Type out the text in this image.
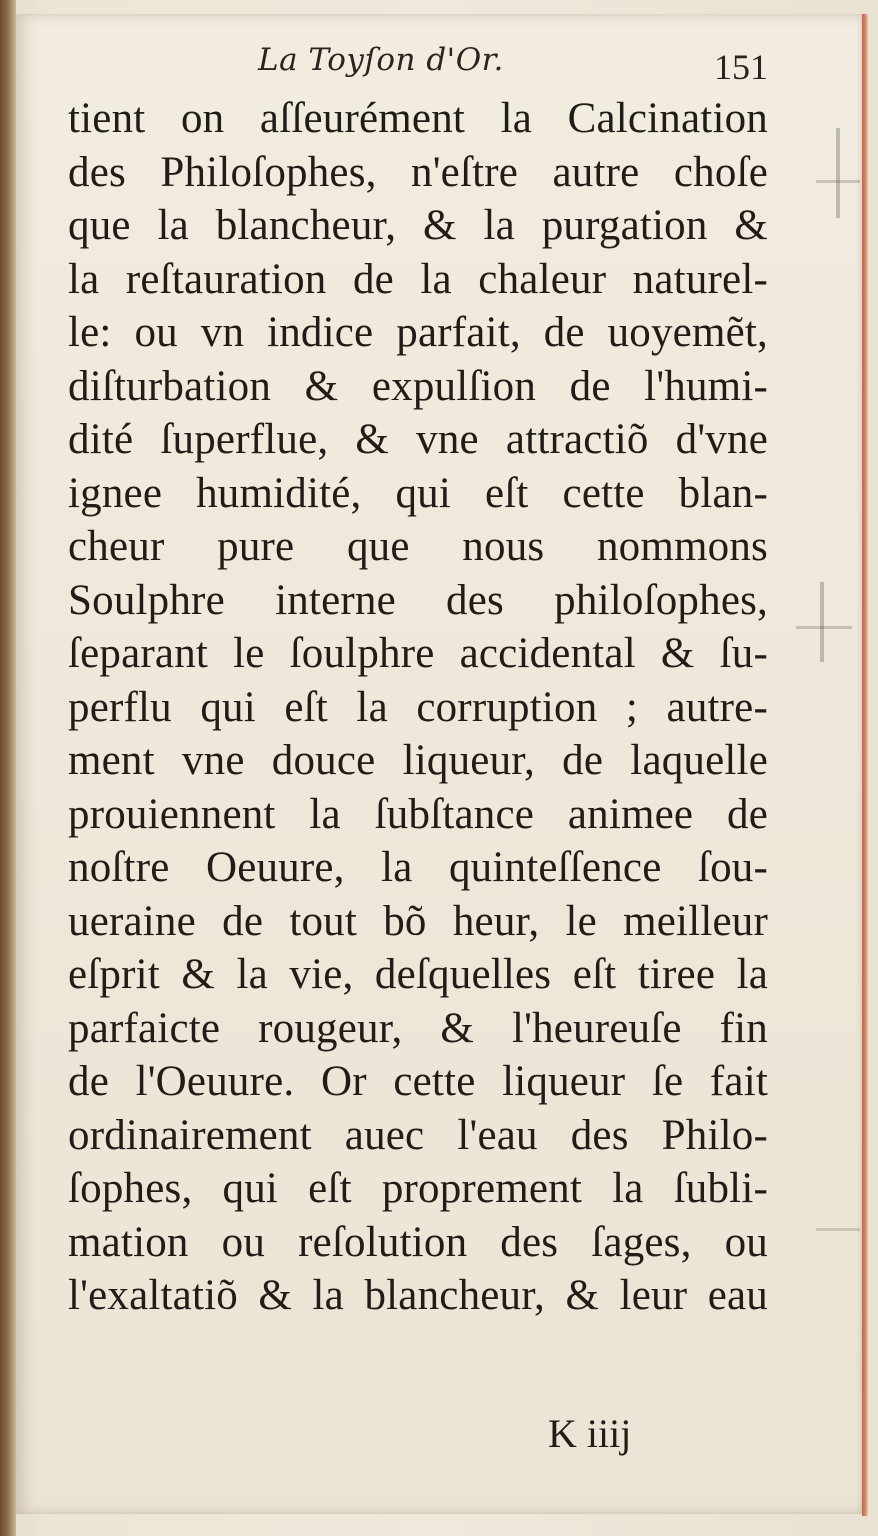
La Toyſon d'Or.	151
tient on aſſeurément la Calcination
des Philoſophes, n'eſtre autre choſe
que la blancheur, & la purgation &
la reſtauration de la chaleur naturel-
le: ou vn indice parfait, de uoyemẽt,
diſturbation & expulſion de l'humi-
dité ſuperflue, & vne attractiõ d'vne
ignee humidité, qui eſt cette blan-
cheur pure que nous nommons
Soulphre interne des philoſophes,
ſeparant le ſoulphre accidental & ſu-
perflu qui eſt la corruption ; autre-
ment vne douce liqueur, de laquelle
prouiennent la ſubſtance animee de
noſtre Oeuure, la quinteſſence ſou-
ueraine de tout bõ heur, le meilleur
eſprit & la vie, deſquelles eſt tiree la
parfaicte rougeur, & l'heureuſe fin
de l'Oeuure. Or cette liqueur ſe fait
ordinairement auec l'eau des Philo-
ſophes, qui eſt proprement la ſubli-
mation ou reſolution des ſages, ou
l'exaltatiõ & la blancheur, & leur eau
K iiij
